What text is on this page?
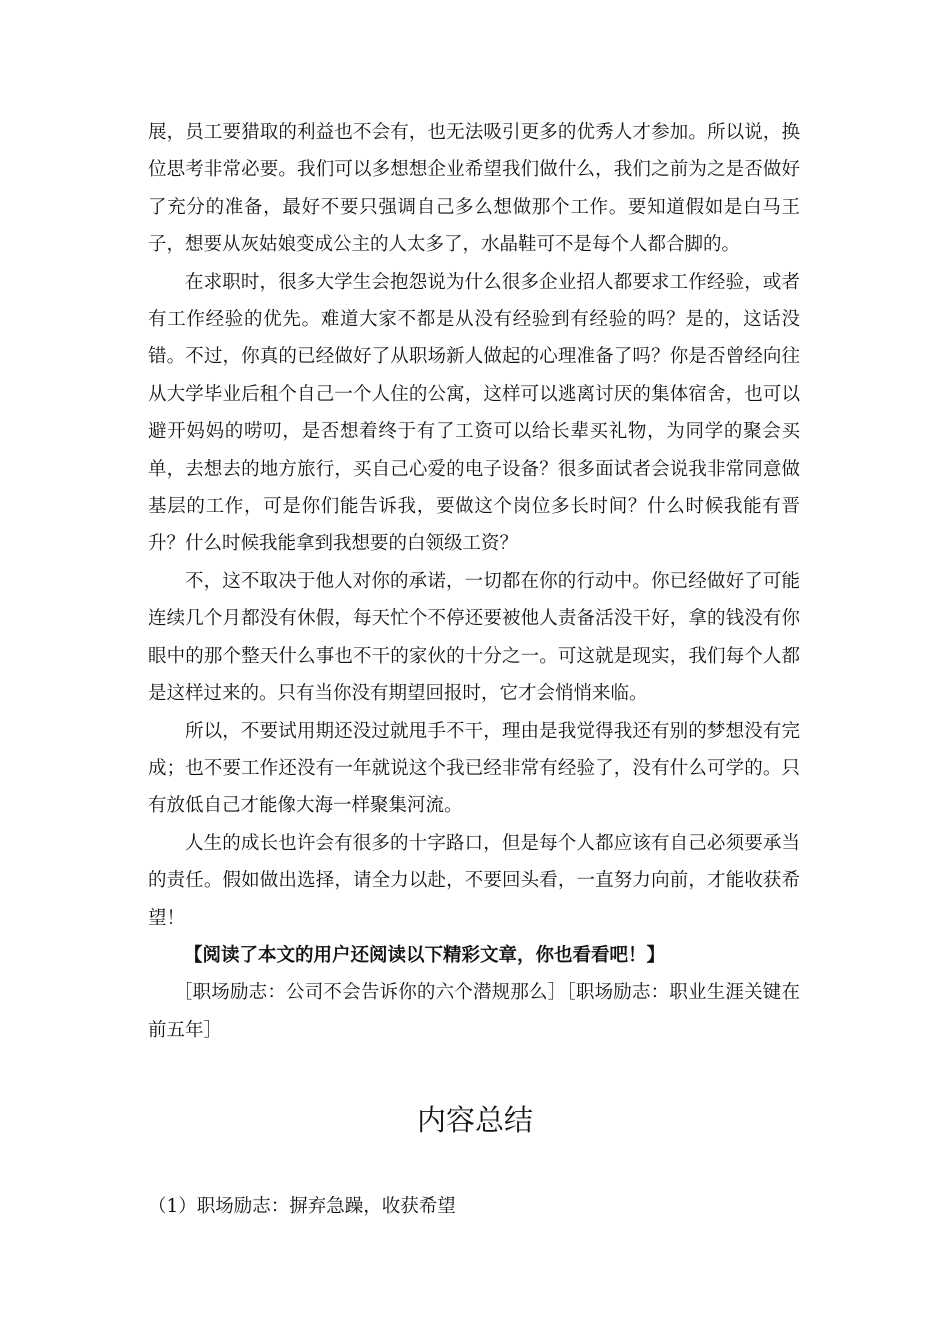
展，员工要猎取的利益也不会有，也无法吸引更多的优秀人才参加。所以说，换位思考非常必要。我们可以多想想企业希望我们做什么，我们之前为之是否做好了充分的准备，最好不要只强调自己多么想做那个工作。要知道假如是白马王子，想要从灰姑娘变成公主的人太多了，水晶鞋可不是每个人都合脚的。

在求职时，很多大学生会抱怨说为什么很多企业招人都要求工作经验，或者有工作经验的优先。难道大家不都是从没有经验到有经验的吗？是的，这话没错。不过，你真的已经做好了从职场新人做起的心理准备了吗？你是否曾经向往从大学毕业后租个自己一个人住的公寓，这样可以逃离讨厌的集体宿舍，也可以避开妈妈的唠叨，是否想着终于有了工资可以给长辈买礼物，为同学的聚会买单，去想去的地方旅行，买自己心爱的电子设备？很多面试者会说我非常同意做基层的工作，可是你们能告诉我，要做这个岗位多长时间？什么时候我能有晋升？什么时候我能拿到我想要的白领级工资？

不，这不取决于他人对你的承诺，一切都在你的行动中。你已经做好了可能连续几个月都没有休假，每天忙个不停还要被他人责备活没干好，拿的钱没有你眼中的那个整天什么事也不干的家伙的十分之一。可这就是现实，我们每个人都是这样过来的。只有当你没有期望回报时，它才会悄悄来临。

所以，不要试用期还没过就甩手不干，理由是我觉得我还有别的梦想没有完成；也不要工作还没有一年就说这个我已经非常有经验了，没有什么可学的。只有放低自己才能像大海一样聚集河流。

人生的成长也许会有很多的十字路口，但是每个人都应该有自己必须要承当的责任。假如做出选择，请全力以赴，不要回头看，一直努力向前，才能收获希望！

【阅读了本文的用户还阅读以下精彩文章，你也看看吧！】

［职场励志：公司不会告诉你的六个潜规那么］［职场励志：职业生涯关键在前五年］

内容总结

（1）职场励志：摒弃急躁，收获希望
